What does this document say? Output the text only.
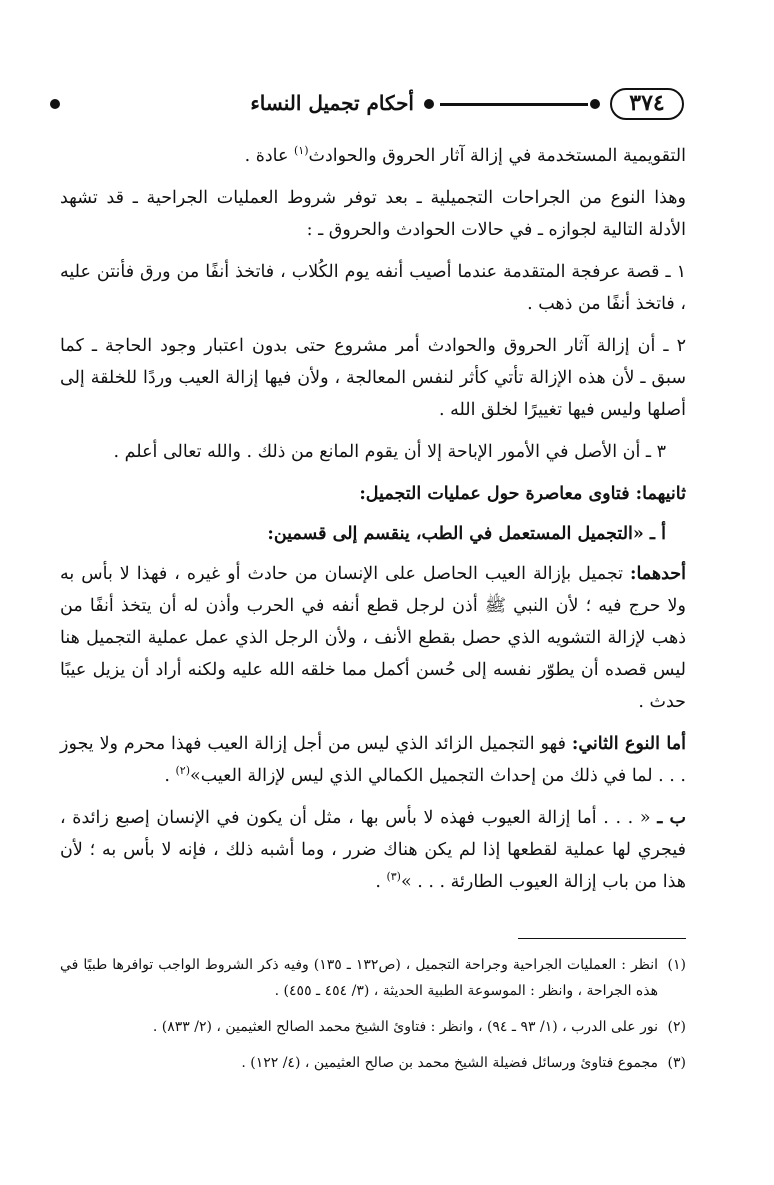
٣٧٤
أحكام تجميل النساء

التقويمية المستخدمة في إزالة آثار الحروق والحوادث$^{(١)}$ عادة .

وهذا النوع من الجراحات التجميلية ـ بعد توفر شروط العمليات الجراحية ـ قد تشهد الأدلة التالية لجوازه ـ في حالات الحوادث والحروق ـ :

١ ـ قصة عرفجة المتقدمة عندما أصيب أنفه يوم الكُلاب ، فاتخذ أنفًا من ورق فأنتن عليه ، فاتخذ أنفًا من ذهب .

٢ ـ أن إزالة آثار الحروق والحوادث أمر مشروع حتى بدون اعتبار وجود الحاجة ـ كما سبق ـ لأن هذه الإزالة تأتي كأثر لنفس المعالجة ، ولأن فيها إزالة العيب وردًا للخلقة إلى أصلها وليس فيها تغييرًا لخلق الله .

٣ ـ أن الأصل في الأمور الإباحة إلا أن يقوم المانع من ذلك . والله تعالى أعلم .

ثانيهما: فتاوى معاصرة حول عمليات التجميل:

أ ـ «التجميل المستعمل في الطب، ينقسم إلى قسمين:

أحدهما: تجميل بإزالة العيب الحاصل على الإنسان من حادث أو غيره ، فهذا لا بأس به ولا حرج فيه ؛ لأن النبي ﷺ أذن لرجل قطع أنفه في الحرب وأذن له أن يتخذ أنفًا من ذهب لإزالة التشويه الذي حصل بقطع الأنف ، ولأن الرجل الذي عمل عملية التجميل هنا ليس قصده أن يطوّر نفسه إلى حُسن أكمل مما خلقه الله عليه ولكنه أراد أن يزيل عيبًا حدث .

أما النوع الثاني: فهو التجميل الزائد الذي ليس من أجل إزالة العيب فهذا محرم ولا يجوز . . . لما في ذلك من إحداث التجميل الكمالي الذي ليس لإزالة العيب»$^{(٢)}$ .

ب ـ « . . . أما إزالة العيوب فهذه لا بأس بها ، مثل أن يكون في الإنسان إصبع زائدة ، فيجري لها عملية لقطعها إذا لم يكن هناك ضرر ، وما أشبه ذلك ، فإنه لا بأس به ؛ لأن هذا من باب إزالة العيوب الطارئة . . . »$^{(٣)}$ .

(١)
انظر : العمليات الجراحية وجراحة التجميل ، (ص١٣٢ ـ ١٣٥) وفيه ذكر الشروط الواجب توافرها طبيًا في هذه الجراحة ، وانظر : الموسوعة الطبية الحديثة ، (٣/ ٤٥٤ ـ ٤٥٥) .
(٢)
نور على الدرب ، (١/ ٩٣ ـ ٩٤) ، وانظر : فتاوئ الشيخ محمد الصالح العثيمين ، (٢/ ٨٣٣) .
(٣)
مجموع فتاوئ ورسائل فضيلة الشيخ محمد بن صالح العثيمين ، (٤/ ١٢٢) .
